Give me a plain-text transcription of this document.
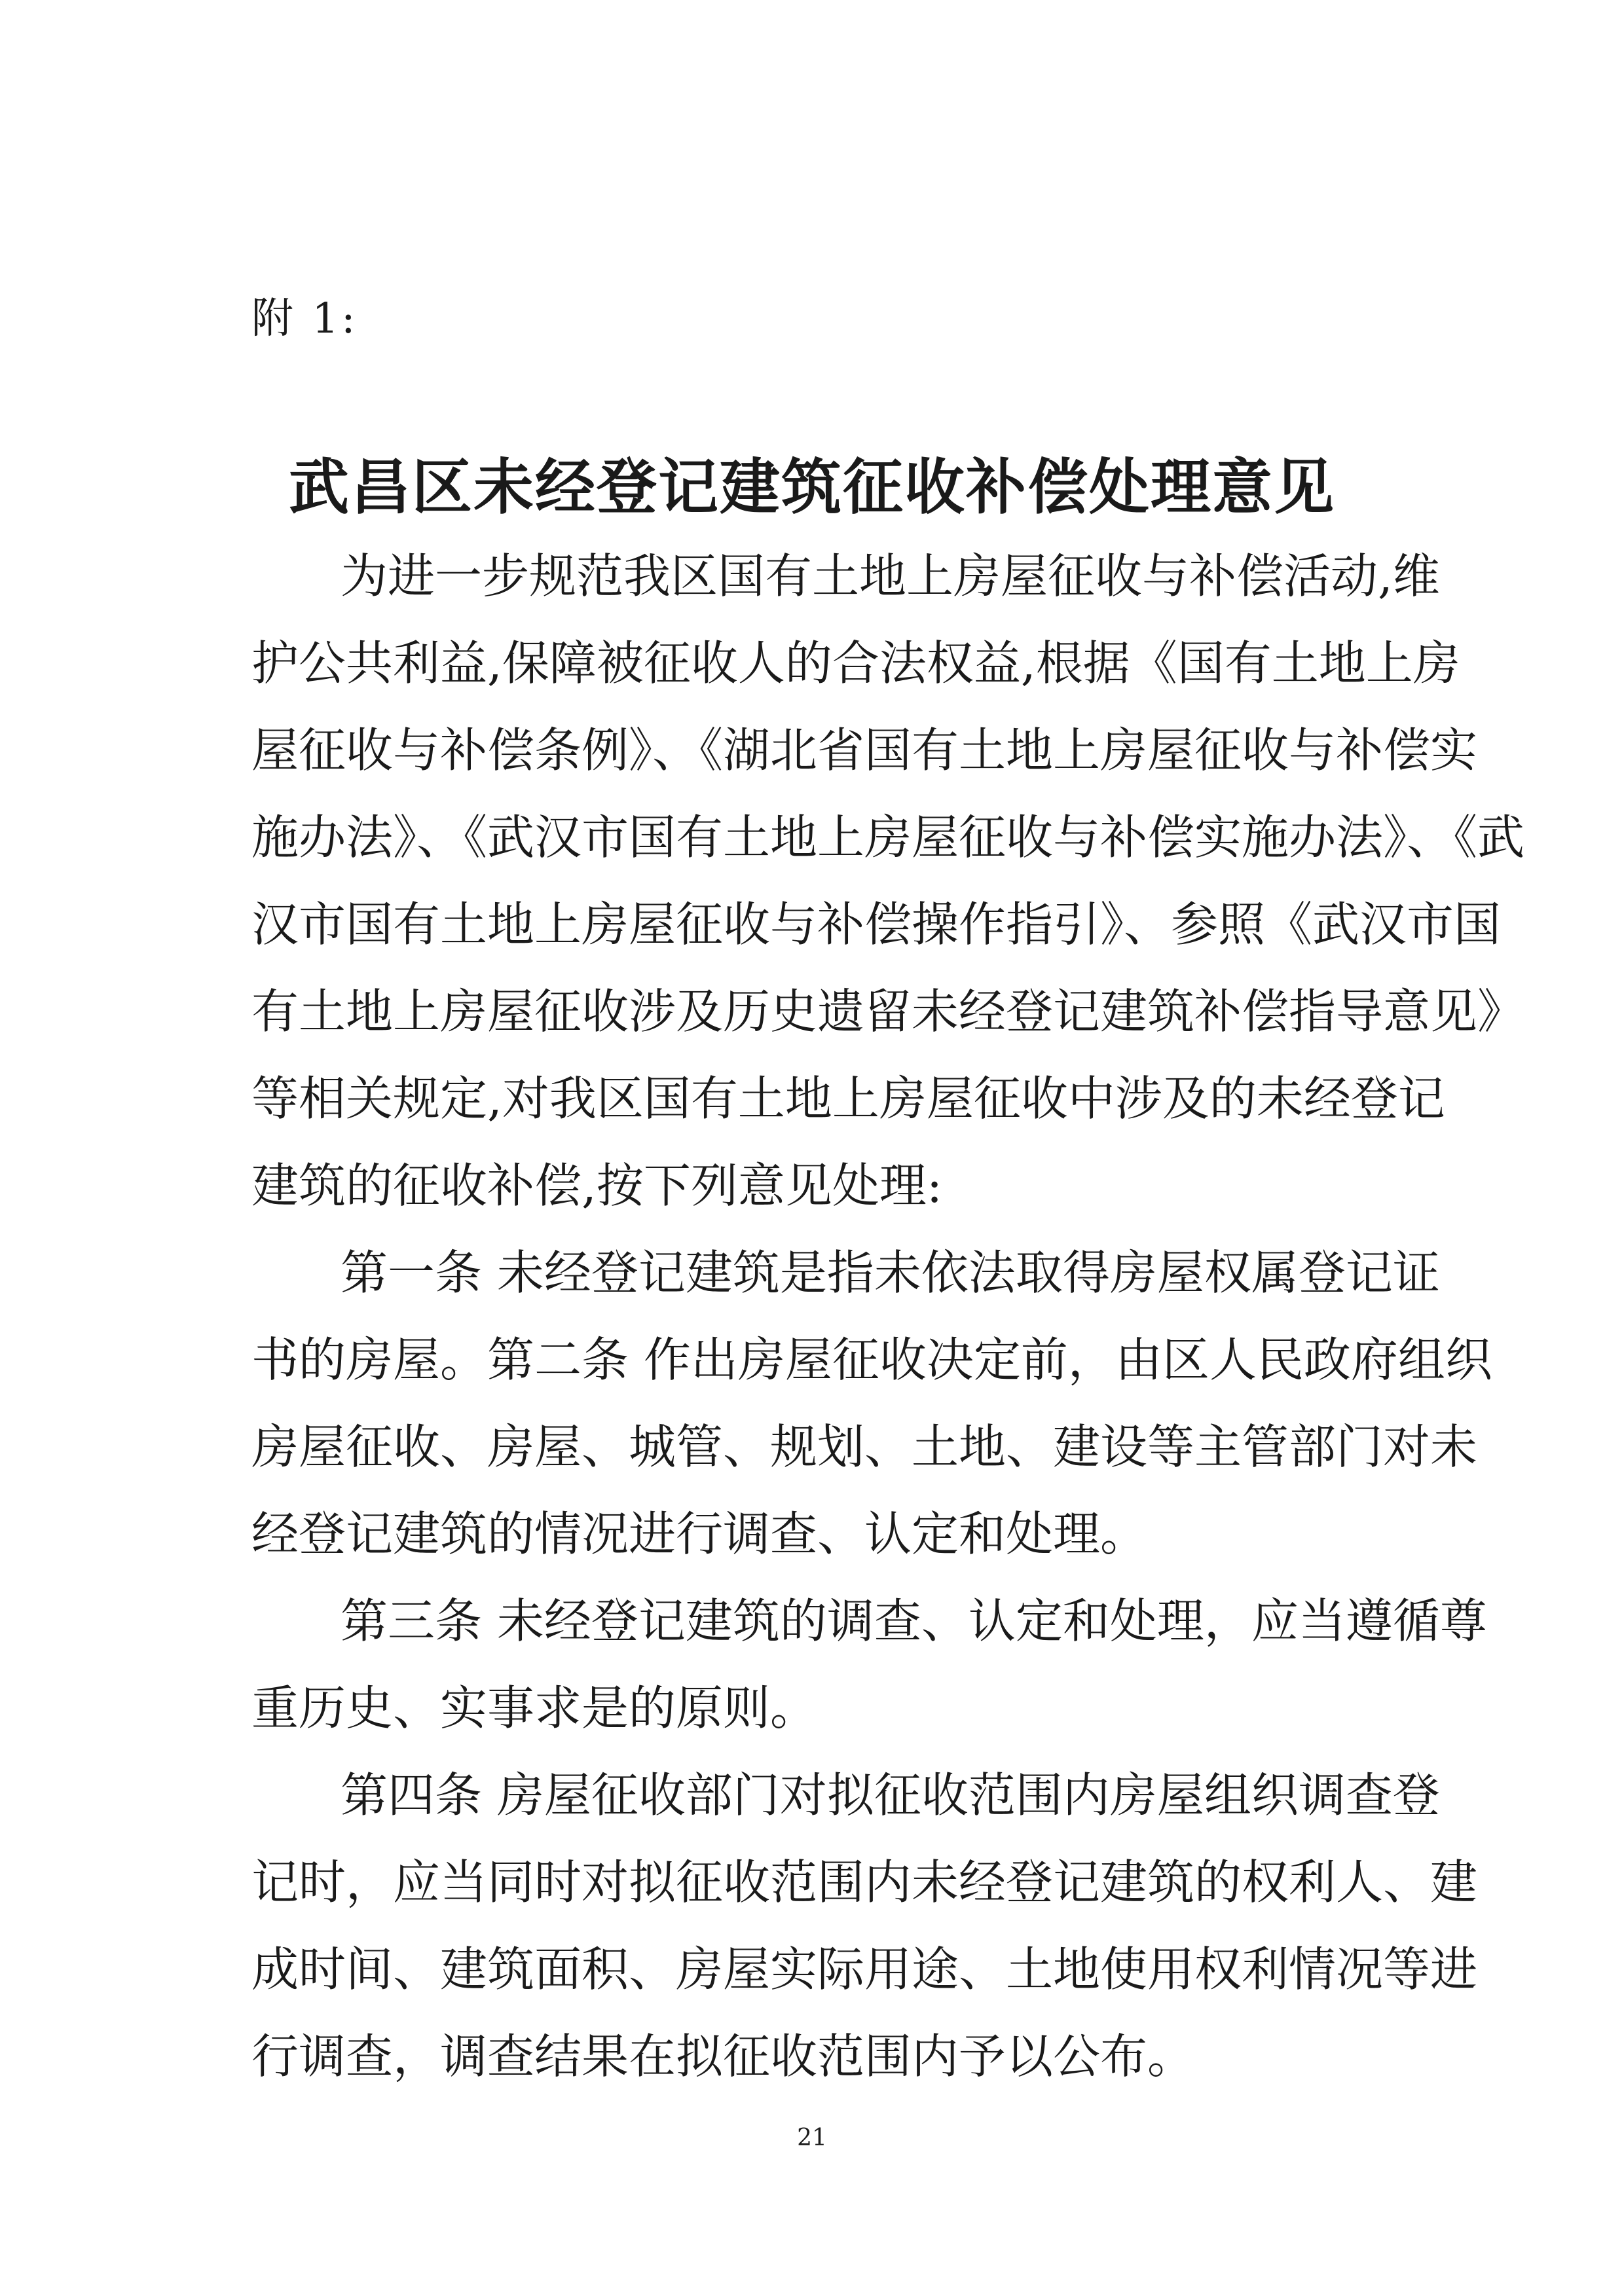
附 1:
武昌区未经登记建筑征收补偿处理意见
为进一步规范我区国有土地上房屋征收与补偿活动,维
护公共利益,保障被征收人的合法权益,根据《国有土地上房
屋征收与补偿条例》、《湖北省国有土地上房屋征收与补偿实
施办法》、《武汉市国有土地上房屋征收与补偿实施办法》、《武
汉市国有土地上房屋征收与补偿操作指引》、参照《武汉市国
有土地上房屋征收涉及历史遗留未经登记建筑补偿指导意见》
等相关规定,对我区国有土地上房屋征收中涉及的未经登记
建筑的征收补偿,按下列意见处理:
第一条 未经登记建筑是指未依法取得房屋权属登记证
书的房屋。第二条 作出房屋征收决定前，由区人民政府组织
房屋征收、房屋、城管、规划、土地、建设等主管部门对未
经登记建筑的情况进行调查、认定和处理。
第三条 未经登记建筑的调查、认定和处理，应当遵循尊
重历史、实事求是的原则。
第四条 房屋征收部门对拟征收范围内房屋组织调查登
记时，应当同时对拟征收范围内未经登记建筑的权利人、建
成时间、建筑面积、房屋实际用途、土地使用权利情况等进
行调查，调查结果在拟征收范围内予以公布。
21
